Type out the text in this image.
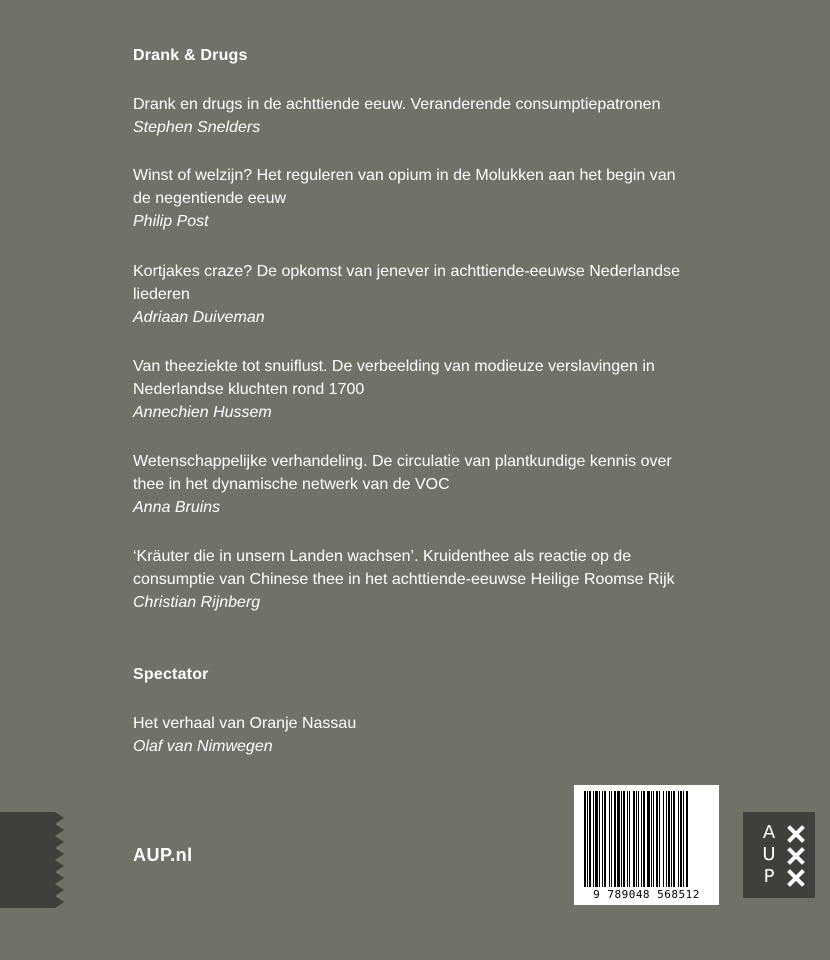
Drank & Drugs
Drank en drugs in de achttiende eeuw. Veranderende consumptiepatronen
Stephen Snelders
Winst of welzijn? Het reguleren van opium in de Molukken aan het begin van
de negentiende eeuw
Philip Post
Kortjakes craze? De opkomst van jenever in achttiende-eeuwse Nederlandse
liederen
Adriaan Duiveman
Van theeziekte tot snuiflust. De verbeelding van modieuze verslavingen in
Nederlandse kluchten rond 1700
Annechien Hussem
Wetenschappelijke verhandeling. De circulatie van plantkundige kennis over
thee in het dynamische netwerk van de VOC
Anna Bruins
‘Kräuter die in unsern Landen wachsen’. Kruidenthee als reactie op de
consumptie van Chinese thee in het achttiende-eeuwse Heilige Roomse Rijk
Christian Rijnberg
Spectator
Het verhaal van Oranje Nassau
Olaf van Nimwegen
AUP.nl
9 789048 568512
A
U
P
